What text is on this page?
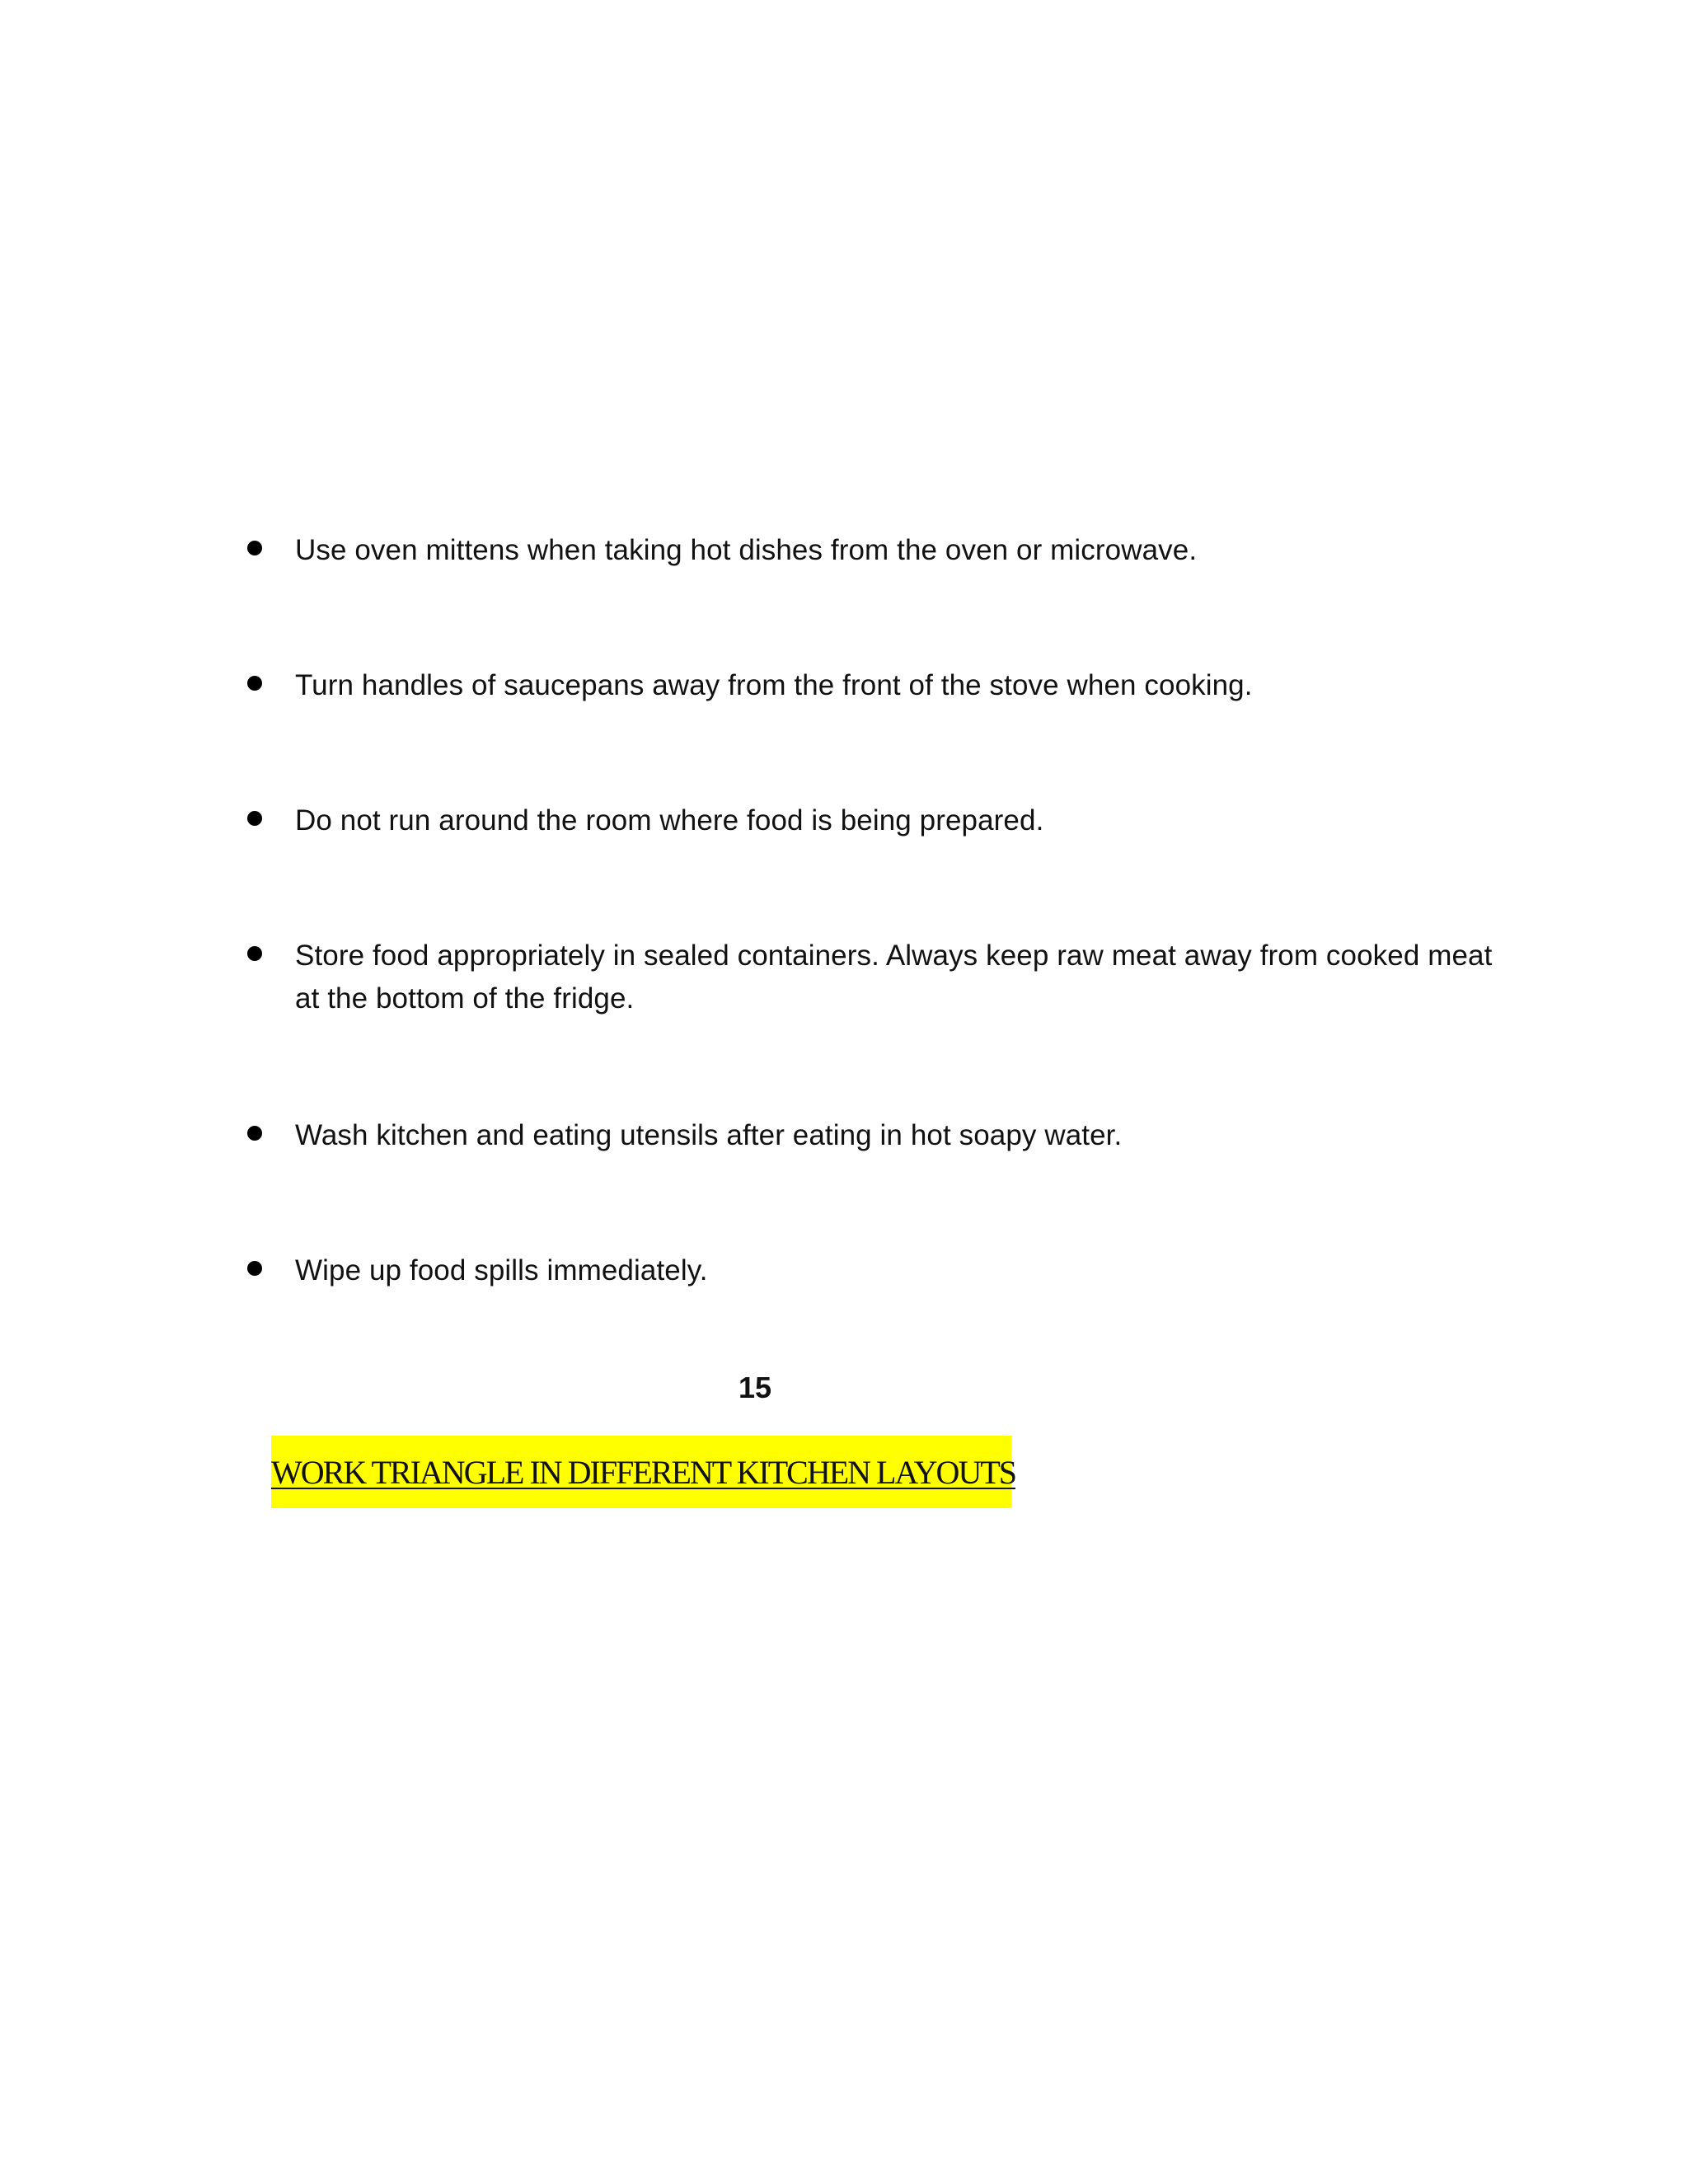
Use oven mittens when taking hot dishes from the oven or microwave.
Turn handles of saucepans away from the front of the stove when cooking.
Do not run around the room where food is being prepared.
Store food appropriately in sealed containers. Always keep raw meat away from cooked meat at the bottom of the fridge.
Wash kitchen and eating utensils after eating in hot soapy water.
Wipe up food spills immediately.
15
WORK TRIANGLE IN DIFFERENT KITCHEN LAYOUTS
